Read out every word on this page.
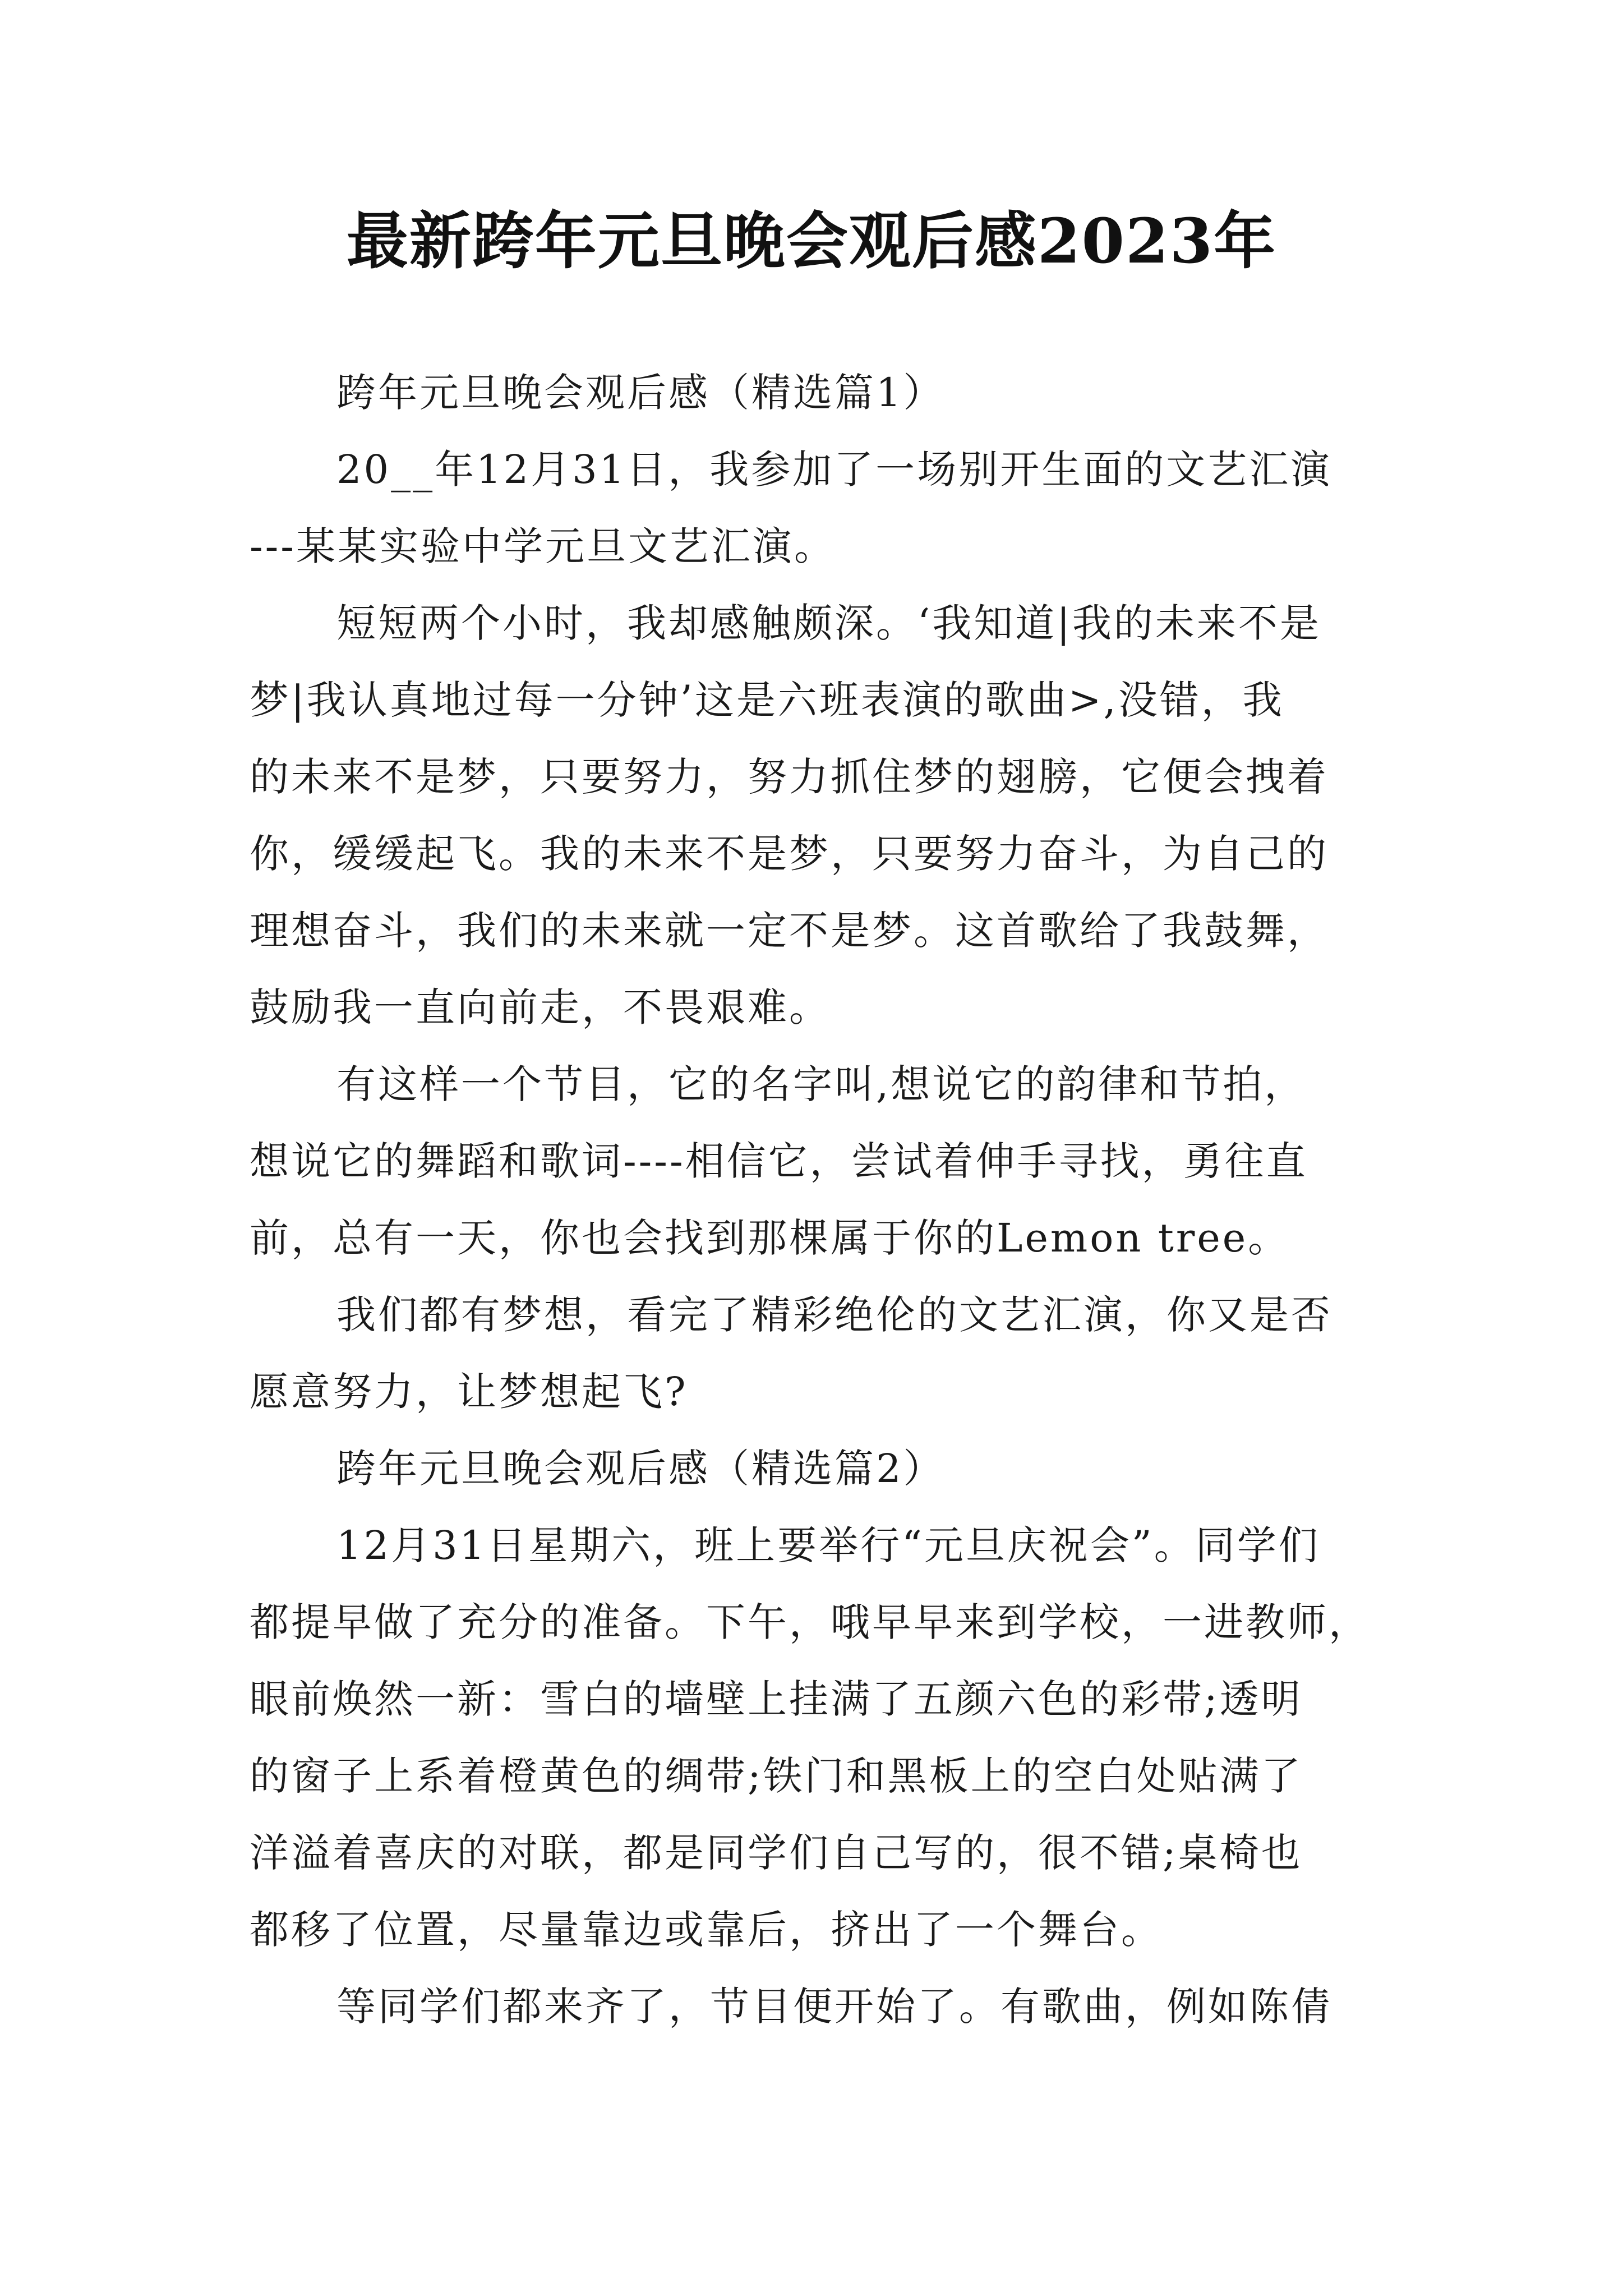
最新跨年元旦晚会观后感2023年
跨年元旦晚会观后感（精选篇1）
20__年12月31日，我参加了一场别开生面的文艺汇演
---某某实验中学元旦文艺汇演。
短短两个小时，我却感触颇深。‘我知道|我的未来不是
梦|我认真地过每一分钟’这是六班表演的歌曲>,没错，我
的未来不是梦，只要努力，努力抓住梦的翅膀，它便会拽着
你，缓缓起飞。我的未来不是梦，只要努力奋斗，为自己的
理想奋斗，我们的未来就一定不是梦。这首歌给了我鼓舞，
鼓励我一直向前走，不畏艰难。
有这样一个节目，它的名字叫,想说它的韵律和节拍，
想说它的舞蹈和歌词----相信它，尝试着伸手寻找，勇往直
前，总有一天，你也会找到那棵属于你的Lemon tree。
我们都有梦想，看完了精彩绝伦的文艺汇演，你又是否
愿意努力，让梦想起飞?
跨年元旦晚会观后感（精选篇2）
12月31日星期六，班上要举行“元旦庆祝会”。同学们
都提早做了充分的准备。下午，哦早早来到学校，一进教师，
眼前焕然一新：雪白的墙壁上挂满了五颜六色的彩带;透明
的窗子上系着橙黄色的绸带;铁门和黑板上的空白处贴满了
洋溢着喜庆的对联，都是同学们自己写的，很不错;桌椅也
都移了位置，尽量靠边或靠后，挤出了一个舞台。
等同学们都来齐了，节目便开始了。有歌曲，例如陈倩
